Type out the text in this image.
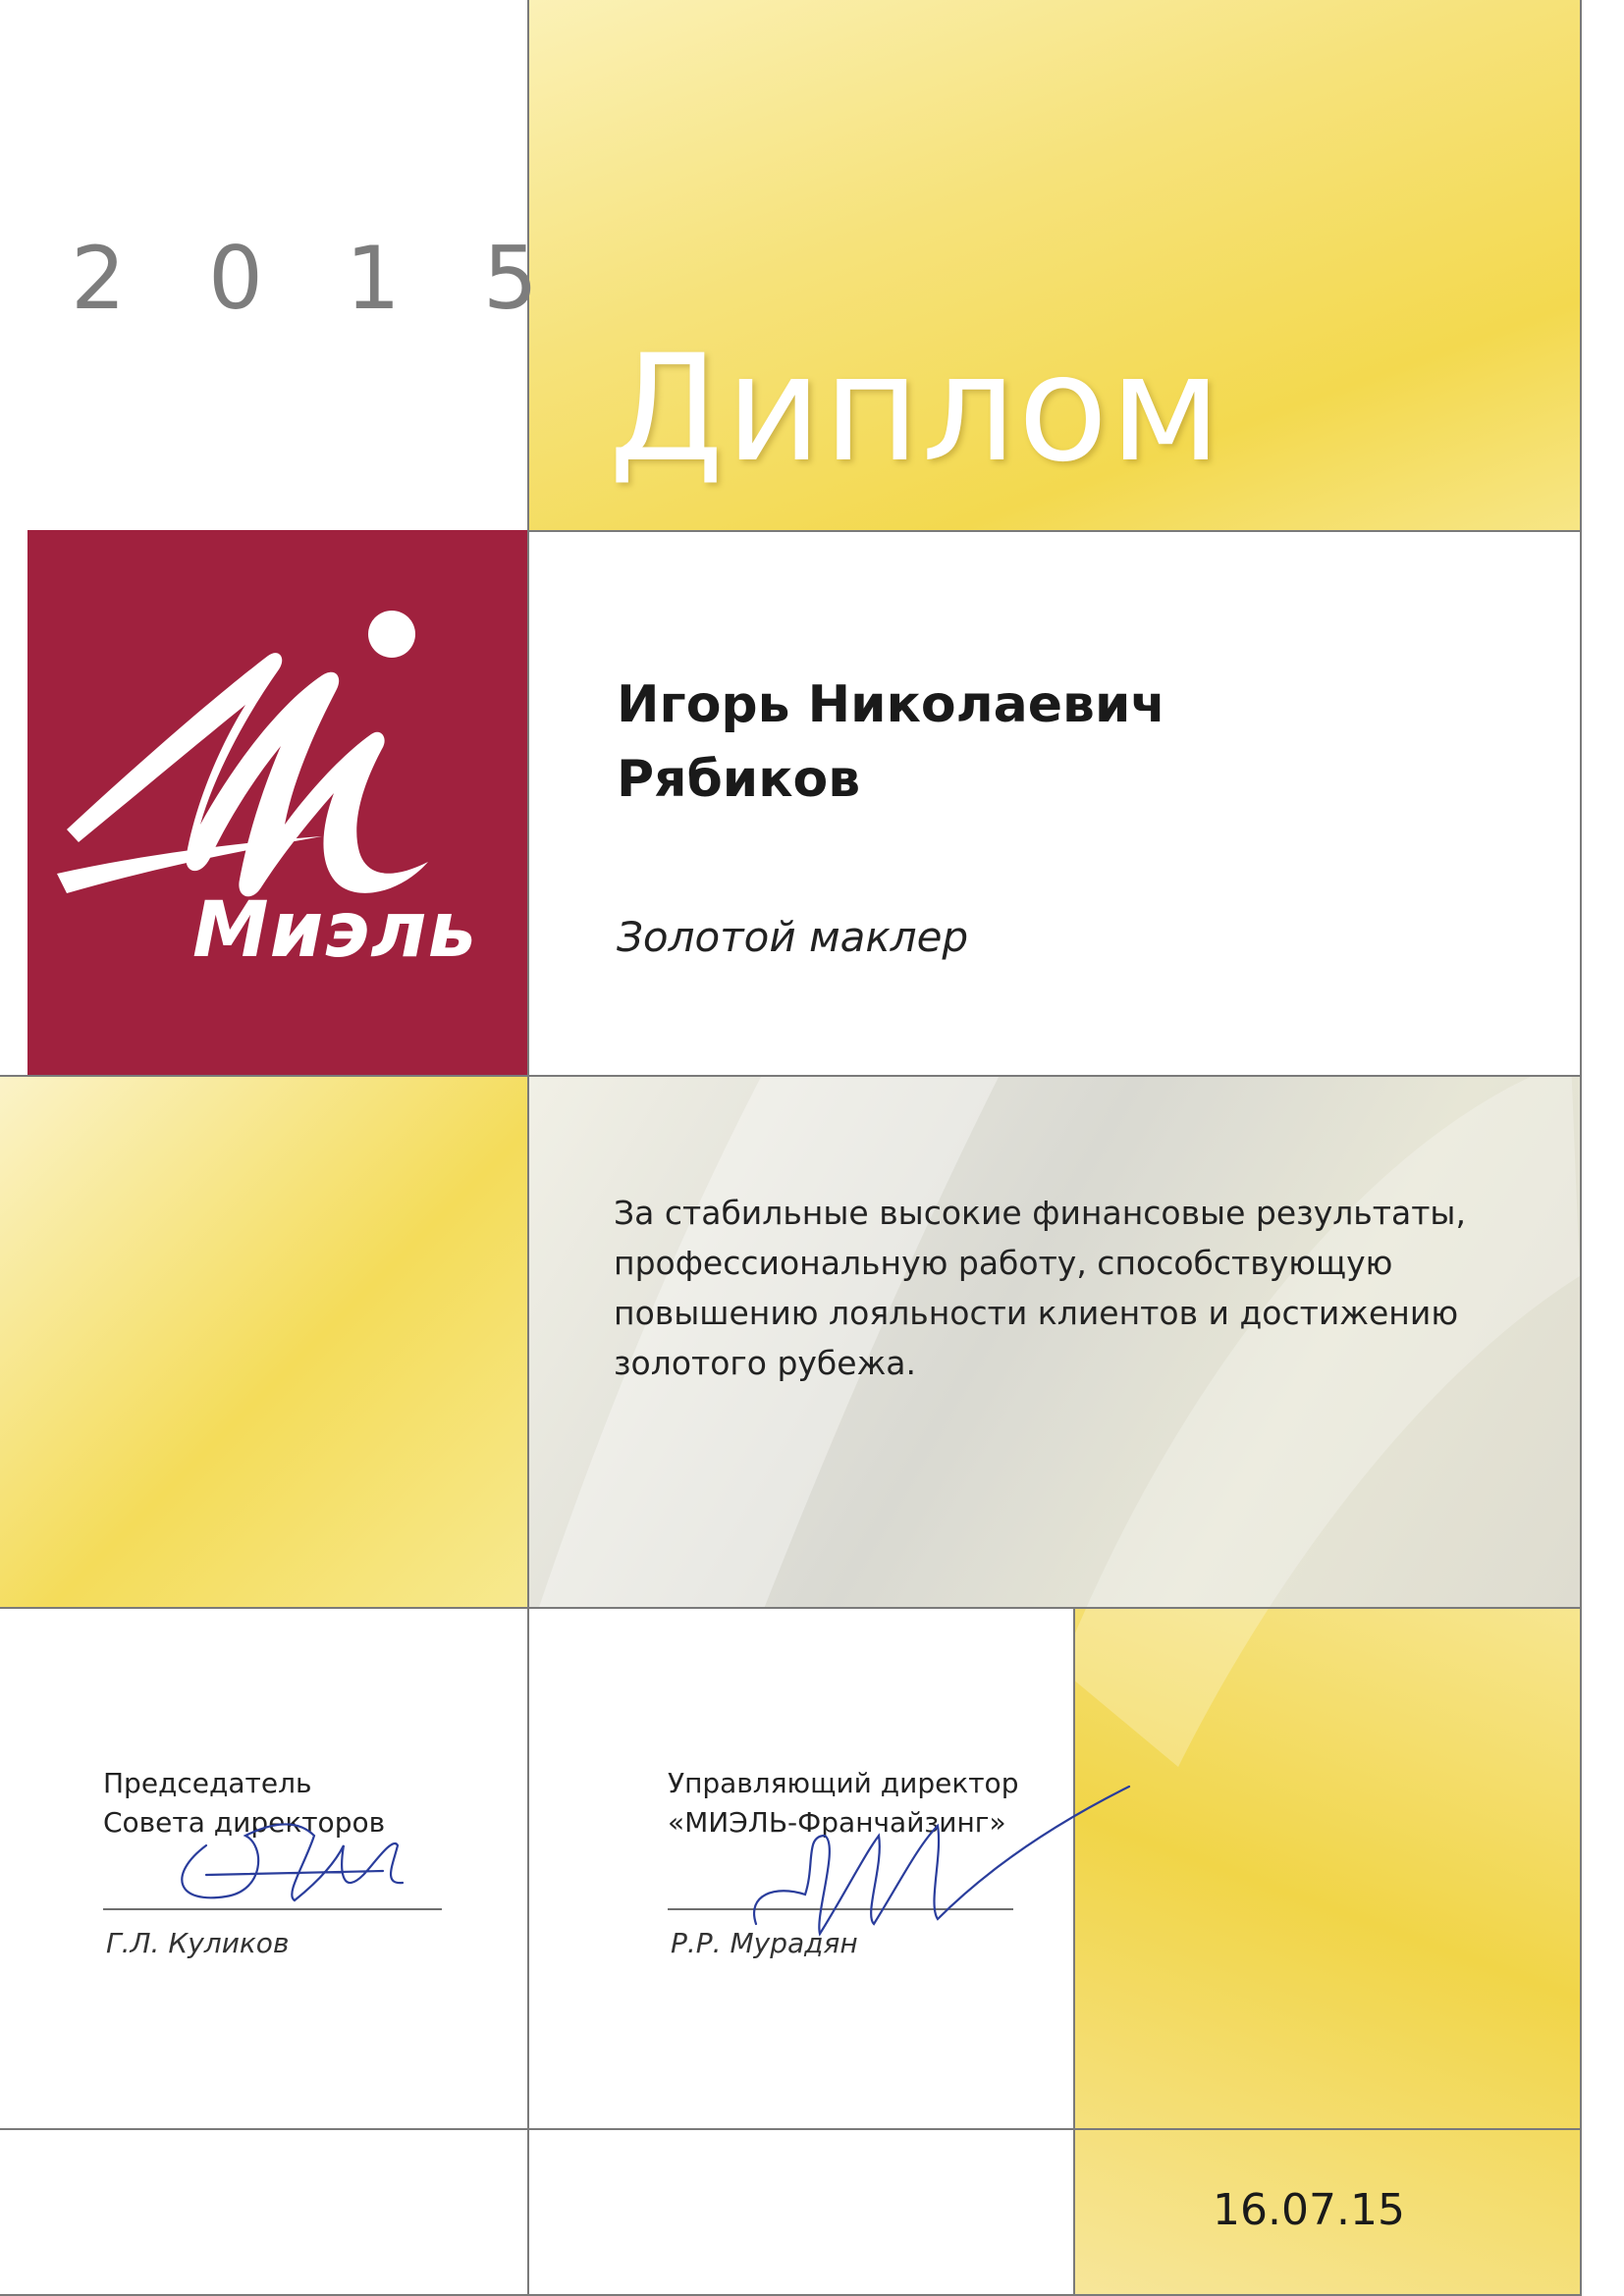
Миэль
2 0 1 5
Диплом
Игорь Николаевич
Рябиков
Золотой маклер
За стабильные высокие финансовые результаты,
профессиональную работу, способствующую
повышению лояльности клиентов и достижению
золотого рубежа.
Председатель
Совета директоров
Г.Л. Куликов
Управляющий директор
«МИЭЛЬ-Франчайзинг»
Р.Р. Мурадян
16.07.15
